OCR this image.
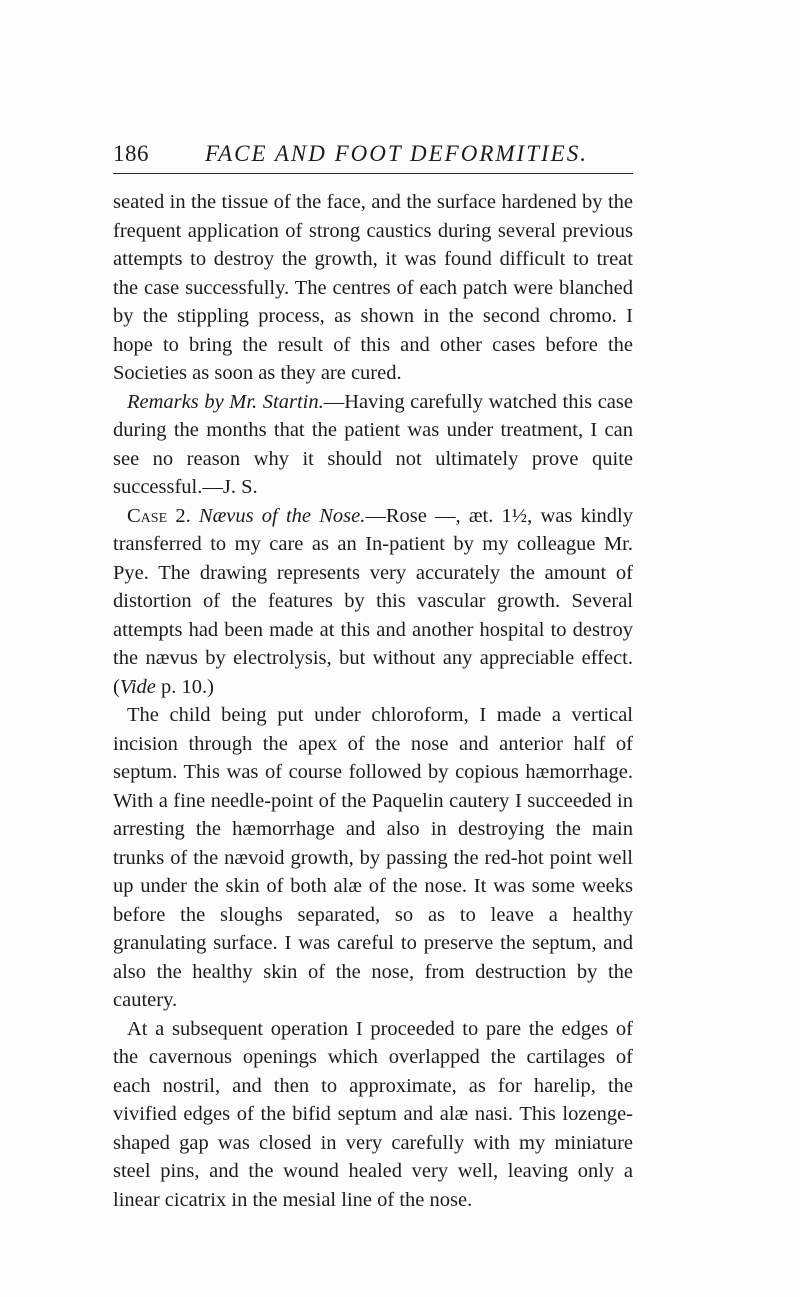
186 FACE AND FOOT DEFORMITIES.

seated in the tissue of the face, and the surface hardened by the frequent application of strong caustics during several previous attempts to destroy the growth, it was found difficult to treat the case successfully. The centres of each patch were blanched by the stippling process, as shown in the second chromo. I hope to bring the result of this and other cases before the Societies as soon as they are cured.

Remarks by Mr. Startin.—Having carefully watched this case during the months that the patient was under treatment, I can see no reason why it should not ultimately prove quite successful.—J. S.

Case 2. Nævus of the Nose.—Rose —, æt. 1½, was kindly transferred to my care as an In-patient by my colleague Mr. Pye. The drawing represents very accurately the amount of distortion of the features by this vascular growth. Several attempts had been made at this and another hospital to destroy the nævus by electrolysis, but without any appreciable effect. (Vide p. 10.)

The child being put under chloroform, I made a vertical incision through the apex of the nose and anterior half of septum. This was of course followed by copious hæmorrhage. With a fine needle-point of the Paquelin cautery I succeeded in arresting the hæmorrhage and also in destroying the main trunks of the nævoid growth, by passing the red-hot point well up under the skin of both alæ of the nose. It was some weeks before the sloughs separated, so as to leave a healthy granulating surface. I was careful to preserve the septum, and also the healthy skin of the nose, from destruction by the cautery.

At a subsequent operation I proceeded to pare the edges of the cavernous openings which overlapped the cartilages of each nostril, and then to approximate, as for harelip, the vivified edges of the bifid septum and alæ nasi. This lozenge-shaped gap was closed in very carefully with my miniature steel pins, and the wound healed very well, leaving only a linear cicatrix in the mesial line of the nose.
